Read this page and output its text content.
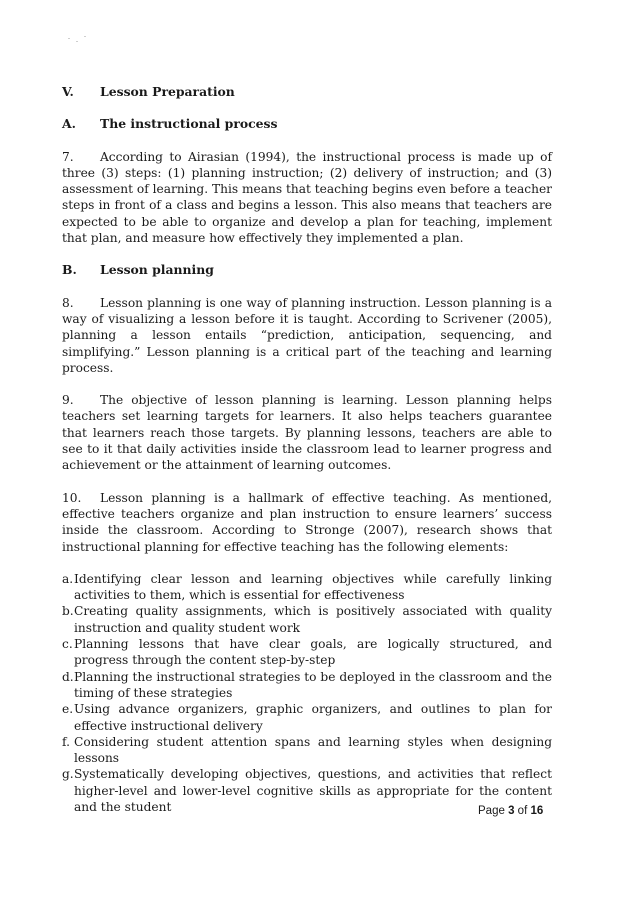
V.	Lesson Preparation
A.	The instructional process

7. According to Airasian (1994), the instructional process is made up of three (3) steps: (1) planning instruction; (2) delivery of instruction; and (3) assessment of learning. This means that teaching begins even before a teacher steps in front of a class and begins a lesson. This also means that teachers are expected to be able to organize and develop a plan for teaching, implement that plan, and measure how effectively they implemented a plan.

B.	Lesson planning

8. Lesson planning is one way of planning instruction. Lesson planning is a way of visualizing a lesson before it is taught. According to Scrivener (2005), planning a lesson entails “prediction, anticipation, sequencing, and simplifying.” Lesson planning is a critical part of the teaching and learning process.

9. The objective of lesson planning is learning. Lesson planning helps teachers set learning targets for learners. It also helps teachers guarantee that learners reach those targets. By planning lessons, teachers are able to see to it that daily activities inside the classroom lead to learner progress and achievement or the attainment of learning outcomes.

10. Lesson planning is a hallmark of effective teaching. As mentioned, effective teachers organize and plan instruction to ensure learners’ success inside the classroom. According to Stronge (2007), research shows that instructional planning for effective teaching has the following elements:

a. Identifying clear lesson and learning objectives while carefully linking activities to them, which is essential for effectiveness
b. Creating quality assignments, which is positively associated with quality instruction and quality student work
c. Planning lessons that have clear goals, are logically structured, and progress through the content step-by-step
d. Planning the instructional strategies to be deployed in the classroom and the timing of these strategies
e. Using advance organizers, graphic organizers, and outlines to plan for effective instructional delivery
f. Considering student attention spans and learning styles when designing lessons
g. Systematically developing objectives, questions, and activities that reflect higher-level and lower-level cognitive skills as appropriate for the content and the student	Page 3 of 16
